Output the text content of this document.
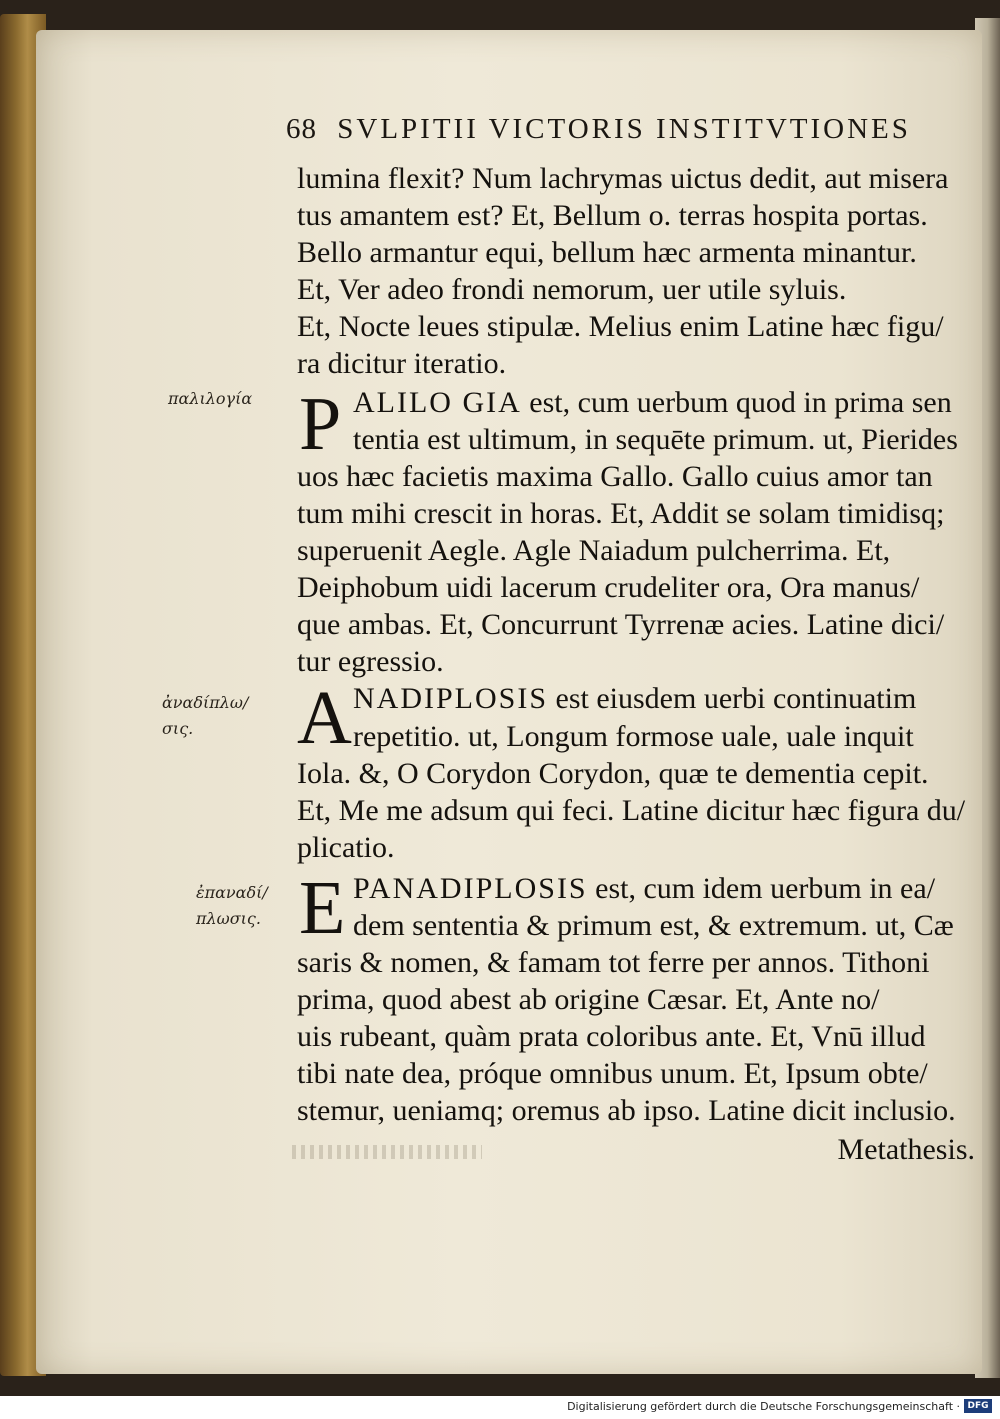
68 SVLPITII VICTORIS INSTITVTIONES
lumina flexit? Num lachrymas uictus dedit, aut misera
tus amantem est? Et, Bellum o. terras hospita portas.
Bello armantur equi, bellum hæc armenta minantur.
Et, Ver adeo frondi nemorum, uer utile syluis.
Et, Nocte leues stipulæ. Melius enim Latine hæc figu/
ra dicitur iteratio.
P ALILO GIA est, cum uerbum quod in prima sen
tentia est ultimum, in sequēte primum. ut, Pierides
uos hæc facietis maxima Gallo. Gallo cuius amor tan
tum mihi crescit in horas. Et, Addit se solam timidisq;
superuenit Aegle. Agle Naiadum pulcherrima. Et,
Deiphobum uidi lacerum crudeliter ora, Ora manus/
que ambas. Et, Concurrunt Tyrrenæ acies. Latine dici/
tur egressio.
A NADIPLOSIS est eiusdem uerbi continuatim
repetitio. ut, Longum formose uale, uale inquit
Iola. &, O Corydon Corydon, quæ te dementia cepit.
Et, Me me adsum qui feci. Latine dicitur hæc figura du/
plicatio.
E PANADIPLOSIS est, cum idem uerbum in ea/
dem sententia & primum est, & extremum. ut, Cæ
saris & nomen, & famam tot ferre per annos. Tithoni
prima, quod abest ab origine Cæsar. Et, Ante no/
uis rubeant, quàm prata coloribus ante. Et, Vnū illud
tibi nate dea, próque omnibus unum. Et, Ipsum obte/
stemur, ueniamq; oremus ab ipso. Latine dicit inclusio.
Metathesis.
παλιλογία
ἀναδίπλω/
σις.
ἐπαναδί/
πλωσις.
Digitalisierung gefördert durch die Deutsche Forschungsgemeinschaft · DFG
